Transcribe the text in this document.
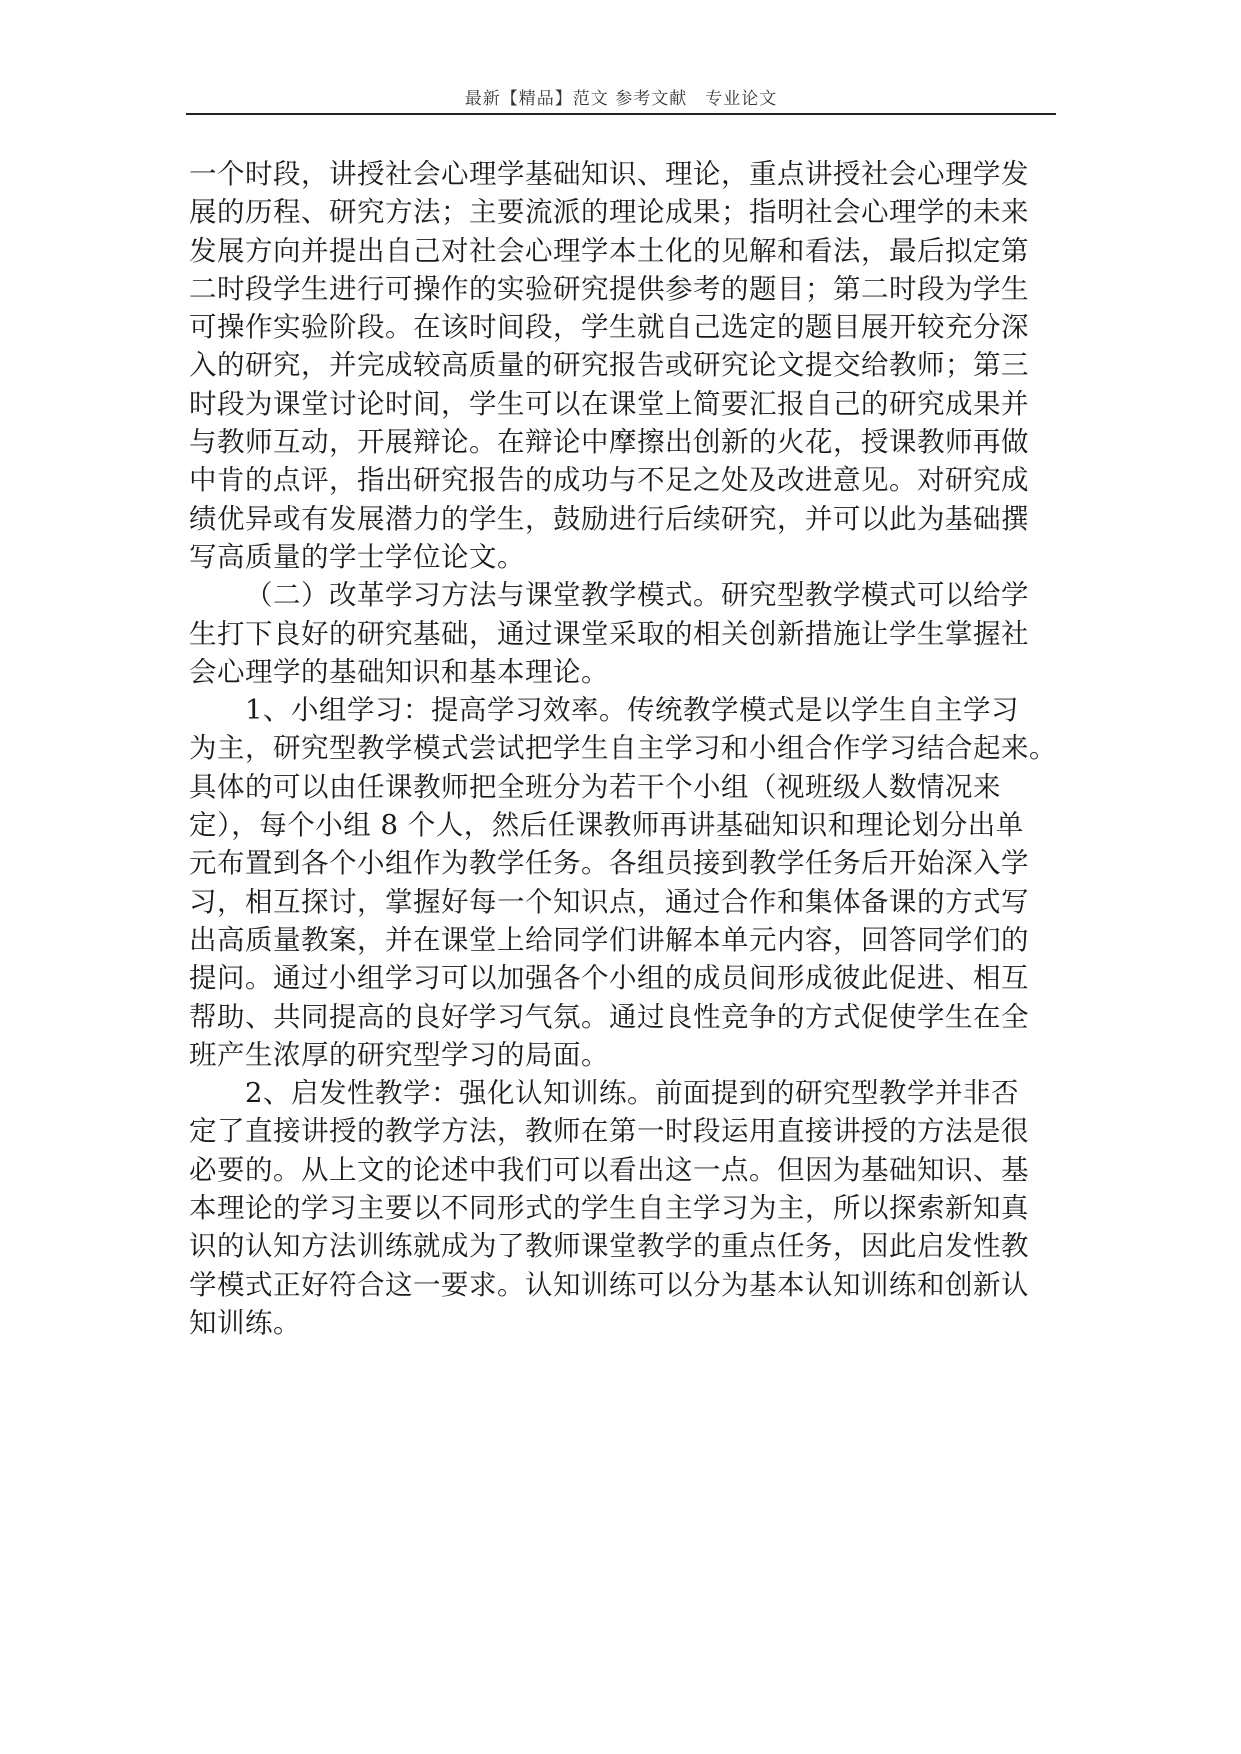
最新【精品】范文 参考文献　专业论文
一个时段，讲授社会心理学基础知识、理论，重点讲授社会心理学发
展的历程、研究方法；主要流派的理论成果；指明社会心理学的未来
发展方向并提出自己对社会心理学本土化的见解和看法，最后拟定第
二时段学生进行可操作的实验研究提供参考的题目；第二时段为学生
可操作实验阶段。在该时间段，学生就自己选定的题目展开较充分深
入的研究，并完成较高质量的研究报告或研究论文提交给教师；第三
时段为课堂讨论时间，学生可以在课堂上简要汇报自己的研究成果并
与教师互动，开展辩论。在辩论中摩擦出创新的火花，授课教师再做
中肯的点评，指出研究报告的成功与不足之处及改进意见。对研究成
绩优异或有发展潜力的学生，鼓励进行后续研究，并可以此为基础撰
写高质量的学士学位论文。
（二）改革学习方法与课堂教学模式。研究型教学模式可以给学
生打下良好的研究基础，通过课堂采取的相关创新措施让学生掌握社
会心理学的基础知识和基本理论。
1、小组学习：提高学习效率。传统教学模式是以学生自主学习
为主，研究型教学模式尝试把学生自主学习和小组合作学习结合起来。
具体的可以由任课教师把全班分为若干个小组（视班级人数情况来
定），每个小组 8 个人，然后任课教师再讲基础知识和理论划分出单
元布置到各个小组作为教学任务。各组员接到教学任务后开始深入学
习，相互探讨，掌握好每一个知识点，通过合作和集体备课的方式写
出高质量教案，并在课堂上给同学们讲解本单元内容，回答同学们的
提问。通过小组学习可以加强各个小组的成员间形成彼此促进、相互
帮助、共同提高的良好学习气氛。通过良性竞争的方式促使学生在全
班产生浓厚的研究型学习的局面。
2、启发性教学：强化认知训练。前面提到的研究型教学并非否
定了直接讲授的教学方法，教师在第一时段运用直接讲授的方法是很
必要的。从上文的论述中我们可以看出这一点。但因为基础知识、基
本理论的学习主要以不同形式的学生自主学习为主，所以探索新知真
识的认知方法训练就成为了教师课堂教学的重点任务，因此启发性教
学模式正好符合这一要求。认知训练可以分为基本认知训练和创新认
知训练。
